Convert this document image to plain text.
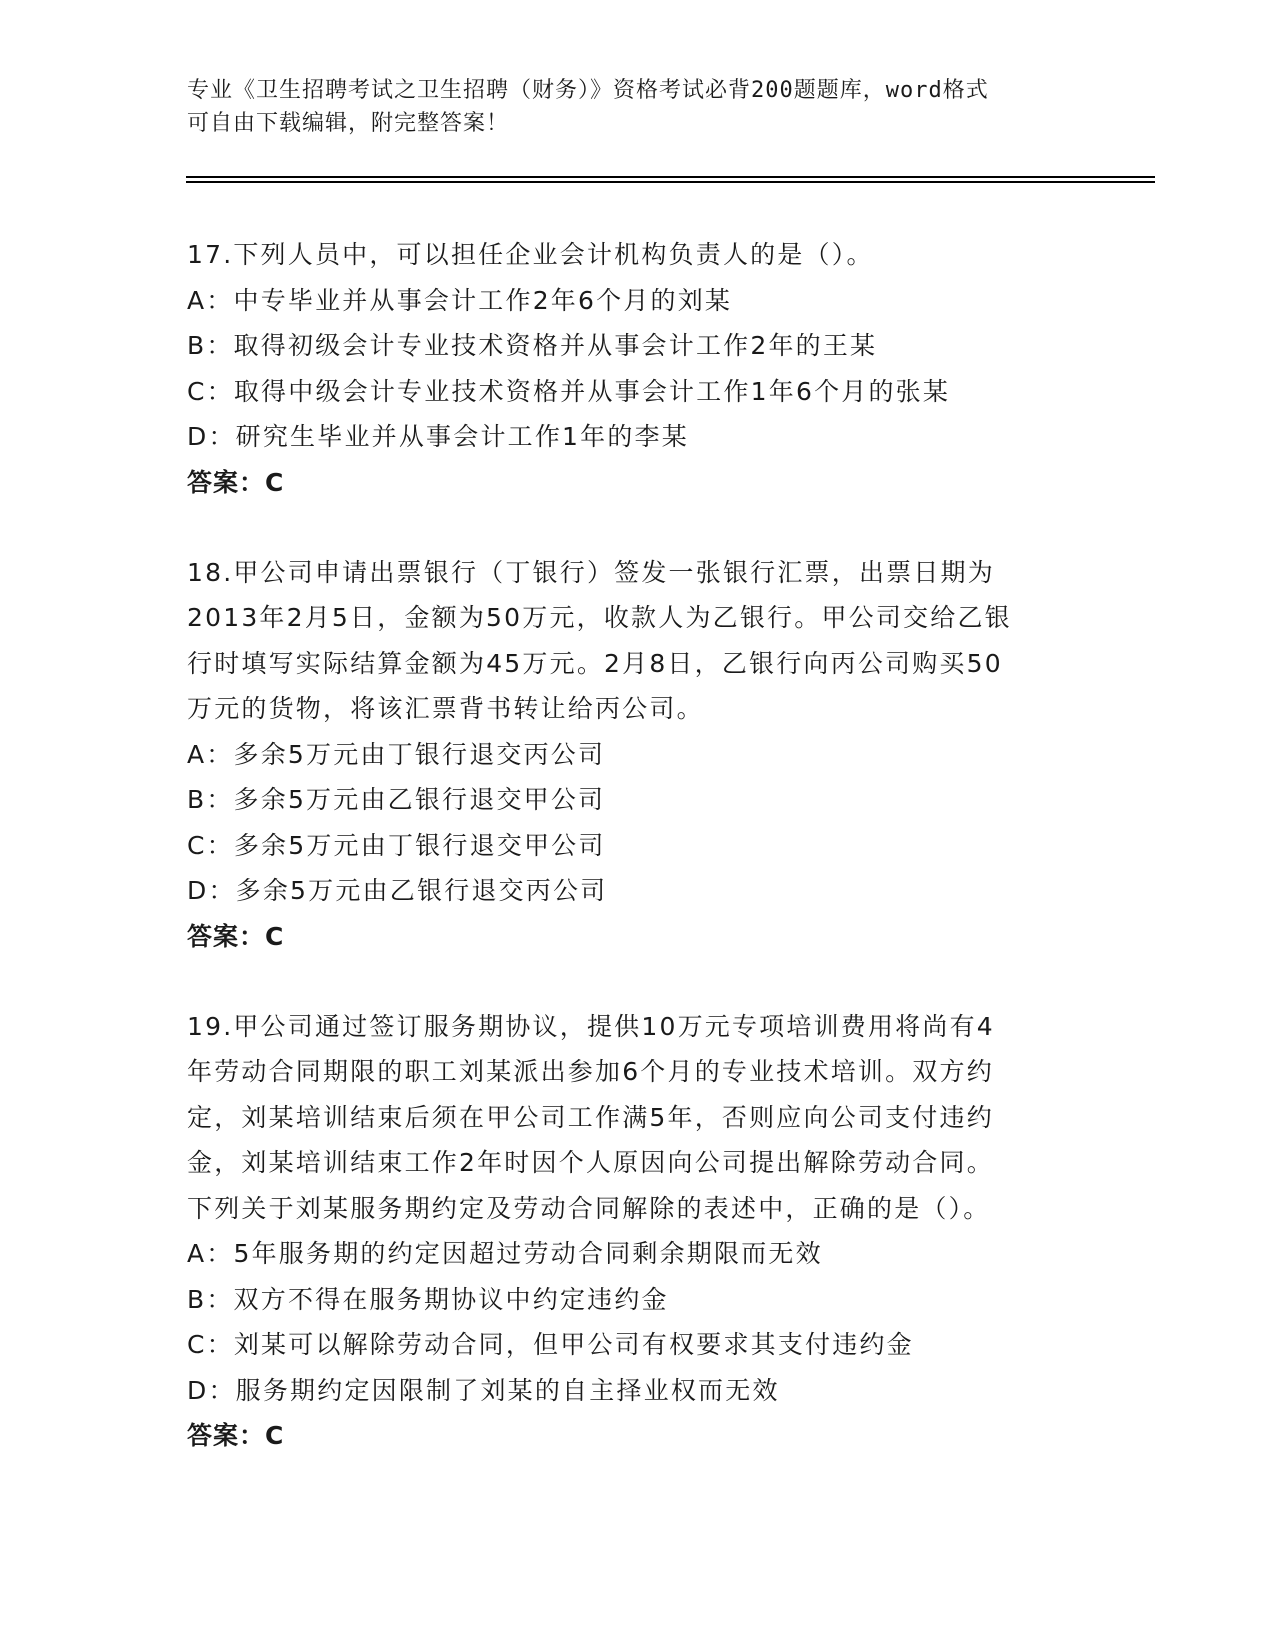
专业《卫生招聘考试之卫生招聘（财务）》资格考试必背200题题库，word格式

可自由下载编辑，附完整答案！

17.下列人员中，可以担任企业会计机构负责人的是（）。

A：中专毕业并从事会计工作2年6个月的刘某

B：取得初级会计专业技术资格并从事会计工作2年的王某

C：取得中级会计专业技术资格并从事会计工作1年6个月的张某

D：研究生毕业并从事会计工作1年的李某

答案：C

18.甲公司申请出票银行（丁银行）签发一张银行汇票，出票日期为
2013年2月5日，金额为50万元，收款人为乙银行。甲公司交给乙银
行时填写实际结算金额为45万元。2月8日，乙银行向丙公司购买50
万元的货物，将该汇票背书转让给丙公司。

A：多余5万元由丁银行退交丙公司

B：多余5万元由乙银行退交甲公司

C：多余5万元由丁银行退交甲公司

D：多余5万元由乙银行退交丙公司

答案：C

19.甲公司通过签订服务期协议，提供10万元专项培训费用将尚有4
年劳动合同期限的职工刘某派出参加6个月的专业技术培训。双方约
定，刘某培训结束后须在甲公司工作满5年，否则应向公司支付违约
金，刘某培训结束工作2年时因个人原因向公司提出解除劳动合同。
下列关于刘某服务期约定及劳动合同解除的表述中，正确的是（）。

A：5年服务期的约定因超过劳动合同剩余期限而无效

B：双方不得在服务期协议中约定违约金

C：刘某可以解除劳动合同，但甲公司有权要求其支付违约金

D：服务期约定因限制了刘某的自主择业权而无效

答案：C
